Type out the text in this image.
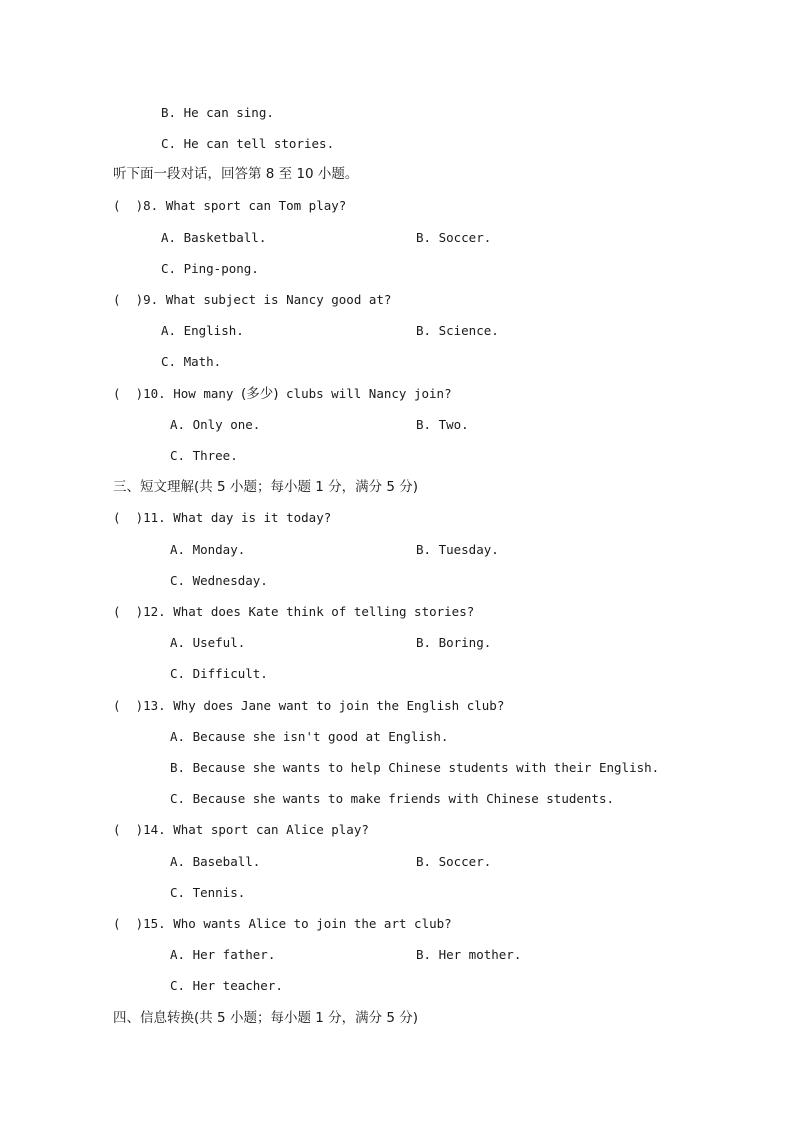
B. He can sing.
C. He can tell stories.
听下面一段对话，回答第 8 至 10 小题。
(  )8. What sport can Tom play?
A. Basketball.	B. Soccer.
C. Ping-pong.
(  )9. What subject is Nancy good at?
A. English.	B. Science.
C. Math.
(  )10. How many (多少) clubs will Nancy join?
A. Only one.	B. Two.
C. Three.
三、短文理解(共 5 小题；每小题 1 分，满分 5 分)
(  )11. What day is it today?
A. Monday.	B. Tuesday.
C. Wednesday.
(  )12. What does Kate think of telling stories?
A. Useful.	B. Boring.
C. Difficult.
(  )13. Why does Jane want to join the English club?
A. Because she isn't good at English.
B. Because she wants to help Chinese students with their English.
C. Because she wants to make friends with Chinese students.
(  )14. What sport can Alice play?
A. Baseball.	B. Soccer.
C. Tennis.
(  )15. Who wants Alice to join the art club?
A. Her father.	B. Her mother.
C. Her teacher.
四、信息转换(共 5 小题；每小题 1 分，满分 5 分)
